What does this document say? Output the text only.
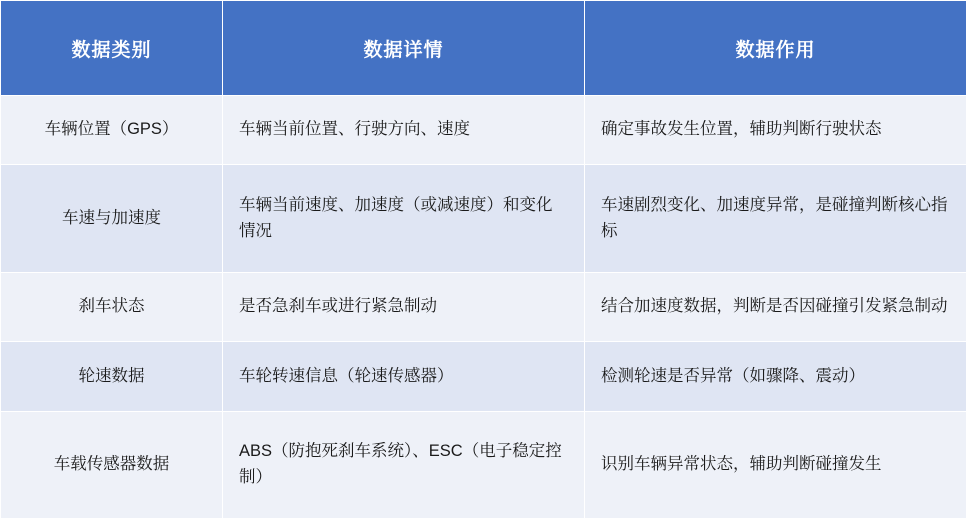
数据类别	数据详情	数据作用
车辆位置（GPS）	车辆当前位置、行驶方向、速度	确定事故发生位置，辅助判断行驶状态
车速与加速度	车辆当前速度、加速度（或减速度）和变化情况	车速剧烈变化、加速度异常，是碰撞判断核心指标
刹车状态	是否急刹车或进行紧急制动	结合加速度数据，判断是否因碰撞引发紧急制动
轮速数据	车轮转速信息（轮速传感器）	检测轮速是否异常（如骤降、震动）
车载传感器数据	ABS（防抱死刹车系统）、ESC（电子稳定控制）	识别车辆异常状态，辅助判断碰撞发生
